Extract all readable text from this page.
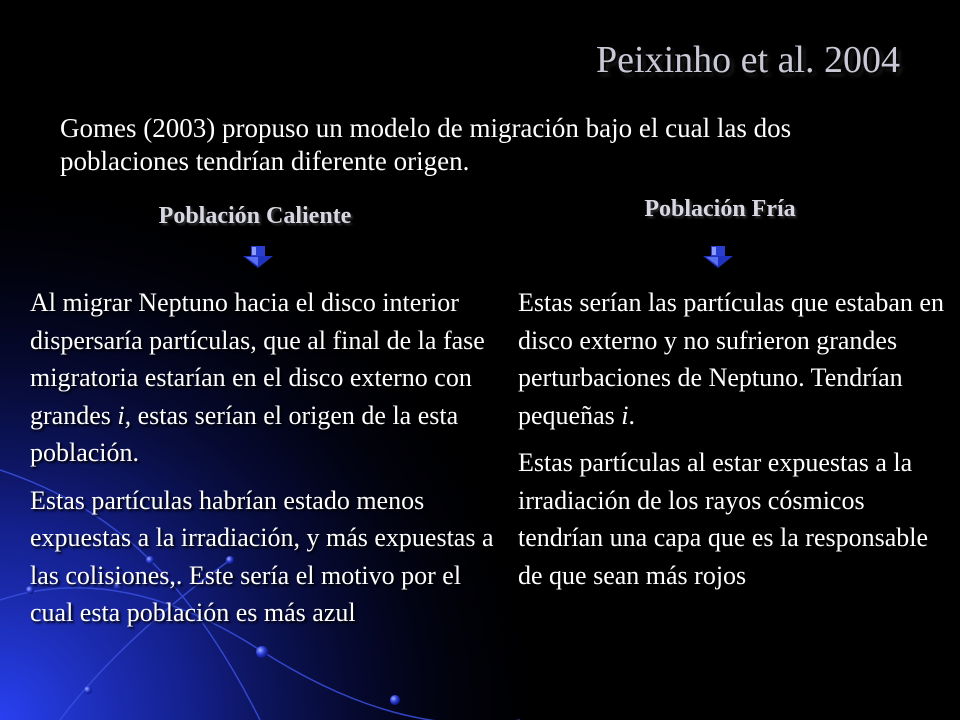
Peixinho et al. 2004
Gomes (2003) propuso un modelo de migración bajo el cual las dos poblaciones tendrían diferente origen.
Población Caliente	Población Fría

Al migrar Neptuno hacia el disco interior dispersaría partículas, que al final de la fase migratoria estarían en el disco externo con grandes i, estas serían el origen de la esta población.

Estas partículas habrían estado menos expuestas a la irradiación, y más expuestas a las colisiones,. Este sería el motivo por el cual esta población es más azul

Estas serían las partículas que estaban en disco externo y no sufrieron grandes perturbaciones de Neptuno. Tendrían pequeñas i.

Estas partículas al estar expuestas a la irradiación de los rayos cósmicos tendrían una capa que es la responsable de que sean más rojos
